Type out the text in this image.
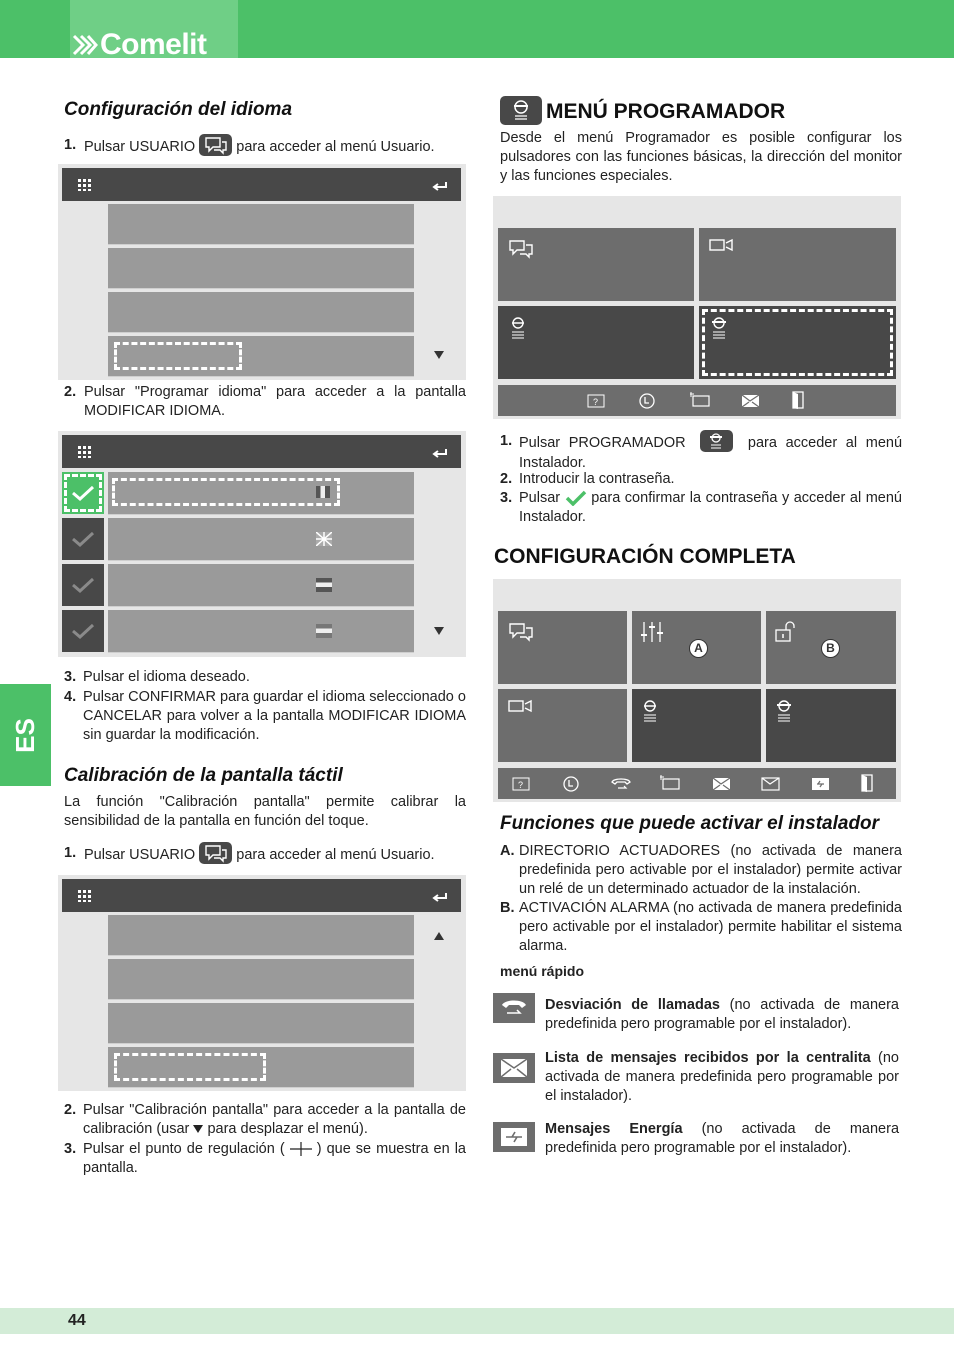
Comelit
ES
Configuración del idioma
1. Pulsar USUARIO	para acceder al menú Usuario.
2. Pulsar "Programar idioma" para acceder a la pantalla MODIFICAR IDIOMA.
3. Pulsar el idioma deseado.
4. Pulsar CONFIRMAR para guardar el idioma seleccionado o CANCELAR para volver a la pantalla MODIFICAR IDIOMA sin guardar la modificación.
Calibración de la pantalla táctil
La función "Calibración pantalla" permite calibrar la sensibilidad de la pantalla en función del toque.
1. Pulsar USUARIO	para acceder al menú Usuario.
2. Pulsar "Calibración pantalla" para acceder a la pantalla de calibración (usar para desplazar el menú).
3. Pulsar el punto de regulación ( ) que se muestra en la pantalla.
MENÚ PROGRAMADOR
Desde el menú Programador es posible configurar los pulsadores con las funciones básicas, la dirección del monitor y las funciones especiales.
?
1. Pulsar PROGRAMADOR	para acceder al menú Instalador.
2. Introducir la contraseña.
3. Pulsar para confirmar la contraseña y acceder al menú Instalador.
CONFIGURACIÓN COMPLETA
A	B
?
Funciones que puede activar el instalador
A. DIRECTORIO ACTUADORES (no activada de manera predefinida pero activable por el instalador) permite activar un relé de un determinado actuador de la instalación.
B. ACTIVACIÓN ALARMA (no activada de manera predefinida pero activable por el instalador) permite habilitar el sistema alarma.
menú rápido
Desviación de llamadas (no activada de manera predefinida pero programable por el instalador).
Lista de mensajes recibidos por la centralita (no activada de manera predefinida pero programable por el instalador).
Mensajes Energía (no activada de manera predefinida pero programable por el instalador).
44
